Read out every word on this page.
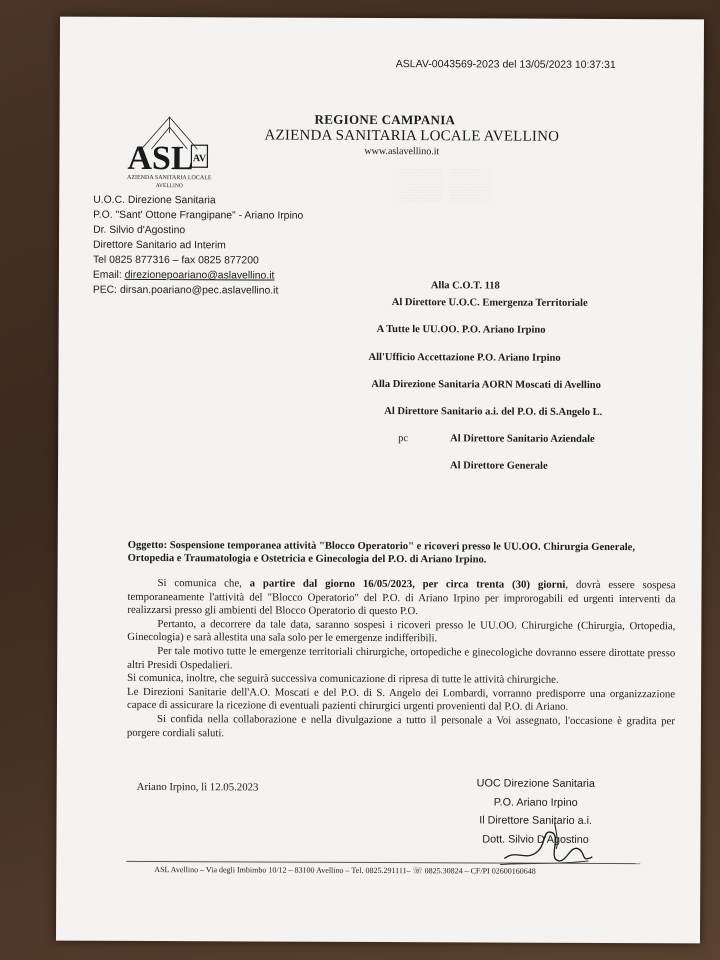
ASLAV-0043569-2023 del 13/05/2023 10:37:31
ASL AV
AZIENDA SANITARIA LOCALE
AVELLINO
REGIONE CAMPANIA
AZIENDA SANITARIA LOCALE AVELLINO
www.aslavellino.it
U.O.C. Direzione Sanitaria
P.O. "Sant' Ottone Frangipane" - Ariano Irpino
Dr. Silvio d'Agostino
Direttore Sanitario ad Interim
Tel 0825 877316 – fax 0825 877200
Email: direzionepoariano@aslavellino.it
PEC: dirsan.poariano@pec.aslavellino.it	Alla C.O.T. 118
Al Direttore U.O.C. Emergenza Territoriale
A Tutte le UU.OO. P.O. Ariano Irpino
All'Ufficio Accettazione P.O. Ariano Irpino
Alla Direzione Sanitaria AORN Moscati di Avellino
Al Direttore Sanitario a.i. del P.O. di S.Angelo L.
pc	Al Direttore Sanitario Aziendale
Al Direttore Generale
Oggetto: Sospensione temporanea attività "Blocco Operatorio" e ricoveri presso le UU.OO. Chirurgia Generale, Ortopedia e Traumatologia e Ostetricia e Ginecologia del P.O. di Ariano Irpino.

Si comunica che, a partire dal giorno 16/05/2023, per circa trenta (30) giorni, dovrà essere sospesa temporaneamente l'attività del "Blocco Operatorio" del P.O. di Ariano Irpino per improrogabili ed urgenti interventi da realizzarsi presso gli ambienti del Blocco Operatorio di questo P.O.

Pertanto, a decorrere da tale data, saranno sospesi i ricoveri presso le UU.OO. Chirurgiche (Chirurgia, Ortopedia, Ginecologia) e sarà allestita una sala solo per le emergenze indifferibili.

Per tale motivo tutte le emergenze territoriali chirurgiche, ortopediche e ginecologiche dovranno essere dirottate presso altri Presidi Ospedalieri.

Si comunica, inoltre, che seguirà successiva comunicazione di ripresa di tutte le attività chirurgiche.

Le Direzioni Sanitarie dell'A.O. Moscati e del P.O. di S. Angelo dei Lombardi, vorranno predisporre una organizzazione capace di assicurare la ricezione di eventuali pazienti chirurgici urgenti provenienti dal P.O. di Ariano.

Si confida nella collaborazione e nella divulgazione a tutto il personale a Voi assegnato, l'occasione è gradita per porgere cordiali saluti.

Ariano Irpino, lì 12.05.2023	UOC Direzione Sanitaria
P.O. Ariano Irpino
Il Direttore Sanitario a.i.
Dott. Silvio D'Agostino
ASL Avellino – Via degli Imbimbo 10/12 – 83100 Avellino – Tel. 0825.291111– ☏ 0825.30824 – CF/PI 02600160648
